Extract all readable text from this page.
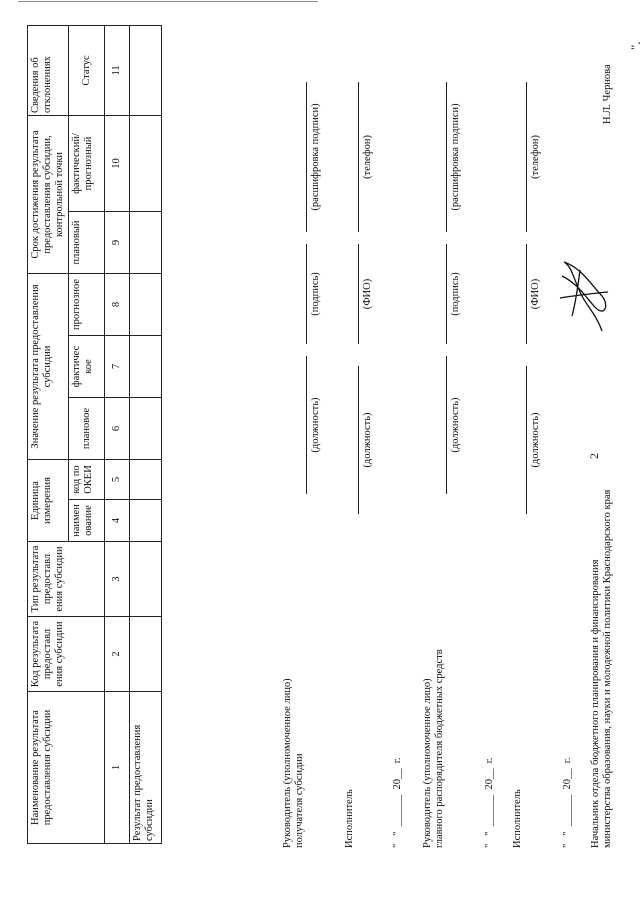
2
Наименование результата предоставления субсидии	Код результата предоставл ения субсидии	Тип результата предоставл ения субсидии	Единица измерения		Значение результата предоставления субсидии			Срок достижения результата предоставления субсидии, контрольной точки		Сведения об отклонениях
			наимен ование	код по ОКЕИ	плановое	фактичес кое	прогнозное	плановый	фактический/ прогнозный	Статус
1	2	3	4	5	6	7	8	9	10	11
Результат предоставления субсидии											Руководитель (уполномоченное лицо) получателя субсидии
(должность)
(подпись)
(расшифровка подписи)
Исполнитель
(должность)
(ФИО)
(телефон)
"   "  ______  20__  г. Руководитель (уполномоченное лицо) главного распорядителя бюджетных средств
(должность)
(подпись)
(расшифровка подписи)
"   "  ______  20__  г. Исполнитель
(должность)
(ФИО)
(телефон)
"   "  ______  20__  г. Начальник отдела бюджетного планирования и финансирования министерства образования, науки и молодежной политики Краснодарского края
Н.Л. Чернова
".
